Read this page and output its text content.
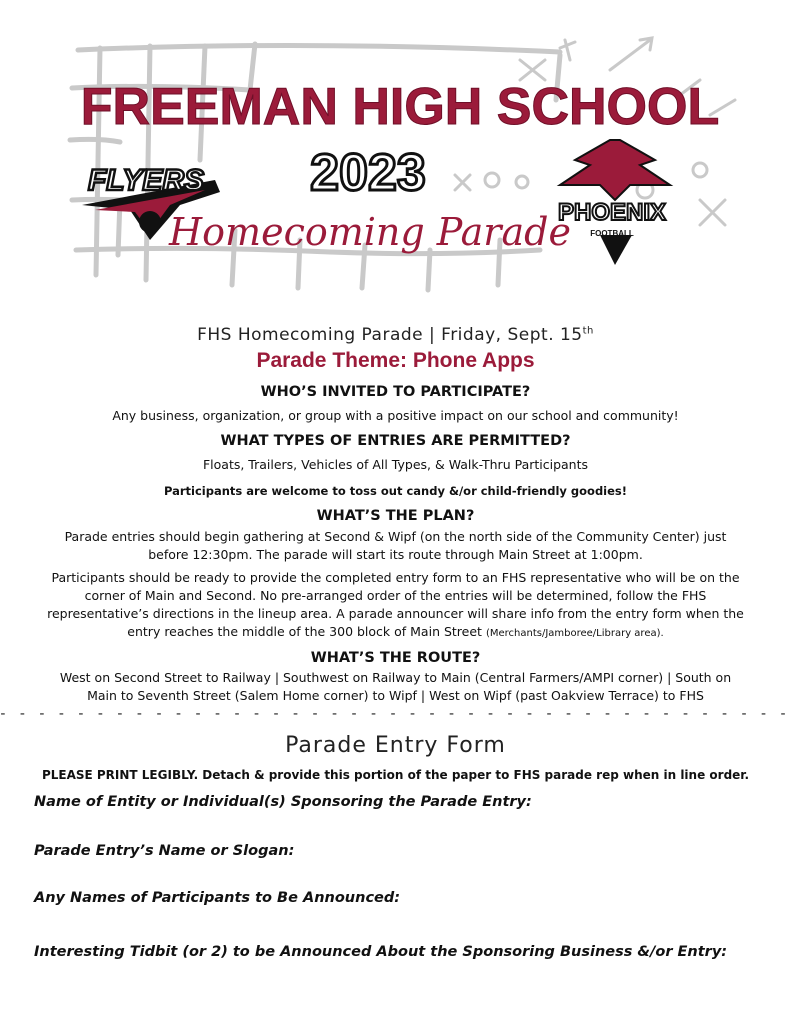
FREEMAN HIGH SCHOOL
2023
Homecoming Parade
FLYERS
PHOENIX
FOOTBALL
FHS Homecoming Parade | Friday, Sept. 15th
Parade Theme: Phone Apps
WHO’S INVITED TO PARTICIPATE?
Any business, organization, or group with a positive impact on our school and community!
WHAT TYPES OF ENTRIES ARE PERMITTED?
Floats, Trailers, Vehicles of All Types, & Walk-Thru Participants
Participants are welcome to toss out candy &/or child-friendly goodies!
WHAT’S THE PLAN?
Parade entries should begin gathering at Second & Wipf (on the north side of the Community Center) just
before 12:30pm. The parade will start its route through Main Street at 1:00pm.
Participants should be ready to provide the completed entry form to an FHS representative who will be on the
corner of Main and Second. No pre-arranged order of the entries will be determined, follow the FHS
representative’s directions in the lineup area. A parade announcer will share info from the entry form when the
entry reaches the middle of the 300 block of Main Street (Merchants/Jamboree/Library area).
WHAT’S THE ROUTE?
West on Second Street to Railway | Southwest on Railway to Main (Central Farmers/AMPI corner) | South on
Main to Seventh Street (Salem Home corner) to Wipf | West on Wipf (past Oakview Terrace) to FHS
- - - - - - - - - - - - - - - - - - - - - - - - - - - - - - - - - - - - - - - - -
Parade Entry Form
PLEASE PRINT LEGIBLY. Detach & provide this portion of the paper to FHS parade rep when in line order.
Name of Entity or Individual(s) Sponsoring the Parade Entry:
Parade Entry’s Name or Slogan:
Any Names of Participants to Be Announced:
Interesting Tidbit (or 2) to be Announced About the Sponsoring Business &/or Entry:
